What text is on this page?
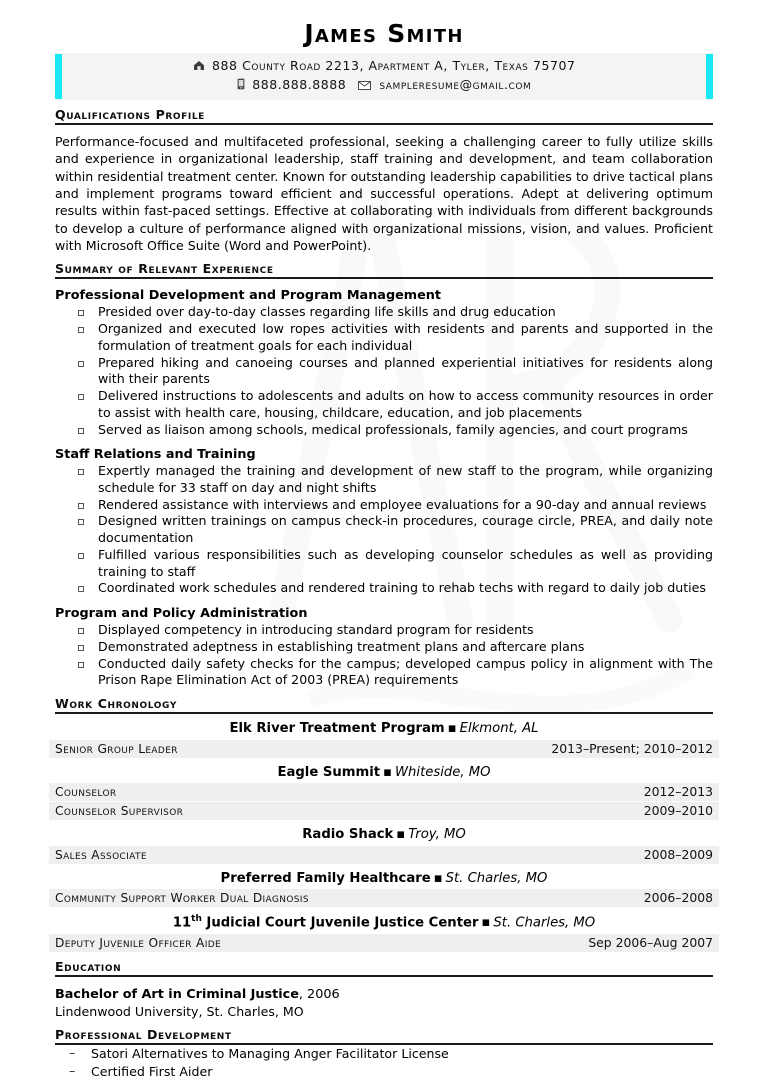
James Smith
888 County Road 2213, Apartment A, Tyler, Texas 75707
888.888.8888	sampleresume@gmail.com
Qualifications Profile
Performance-focused and multifaceted professional, seeking a challenging career to fully utilize skills and experience in organizational leadership, staff training and development, and team collaboration within residential treatment center. Known for outstanding leadership capabilities to drive tactical plans and implement programs toward efficient and successful operations. Adept at delivering optimum results within fast-paced settings. Effective at collaborating with individuals from different backgrounds to develop a culture of performance aligned with organizational missions, vision, and values. Proficient with Microsoft Office Suite (Word and PowerPoint).
Summary of Relevant Experience
Professional Development and Program Management
Presided over day-to-day classes regarding life skills and drug education
Organized and executed low ropes activities with residents and parents and supported in the formulation of treatment goals for each individual
Prepared hiking and canoeing courses and planned experiential initiatives for residents along with their parents
Delivered instructions to adolescents and adults on how to access community resources in order to assist with health care, housing, childcare, education, and job placements
Served as liaison among schools, medical professionals, family agencies, and court programs
Staff Relations and Training
Expertly managed the training and development of new staff to the program, while organizing schedule for 33 staff on day and night shifts
Rendered assistance with interviews and employee evaluations for a 90-day and annual reviews
Designed written trainings on campus check-in procedures, courage circle, PREA, and daily note documentation
Fulfilled various responsibilities such as developing counselor schedules as well as providing training to staff
Coordinated work schedules and rendered training to rehab techs with regard to daily job duties
Program and Policy Administration
Displayed competency in introducing standard program for residents
Demonstrated adeptness in establishing treatment plans and aftercare plans
Conducted daily safety checks for the campus; developed campus policy in alignment with The Prison Rape Elimination Act of 2003 (PREA) requirements
Work Chronology
Elk River Treatment Program ▪ Elkmont, AL
Senior Group Leader	2013–Present; 2010–2012
Eagle Summit ▪ Whiteside, MO
Counselor	2012–2013
Counselor Supervisor	2009–2010
Radio Shack ▪ Troy, MO
Sales Associate	2008–2009
Preferred Family Healthcare ▪ St. Charles, MO
Community Support Worker Dual Diagnosis	2006–2008
11th Judicial Court Juvenile Justice Center ▪ St. Charles, MO
Deputy Juvenile Officer Aide	Sep 2006–Aug 2007
Education
Bachelor of Art in Criminal Justice, 2006
Lindenwood University, St. Charles, MO
Professional Development
– Satori Alternatives to Managing Anger Facilitator License
– Certified First Aider
